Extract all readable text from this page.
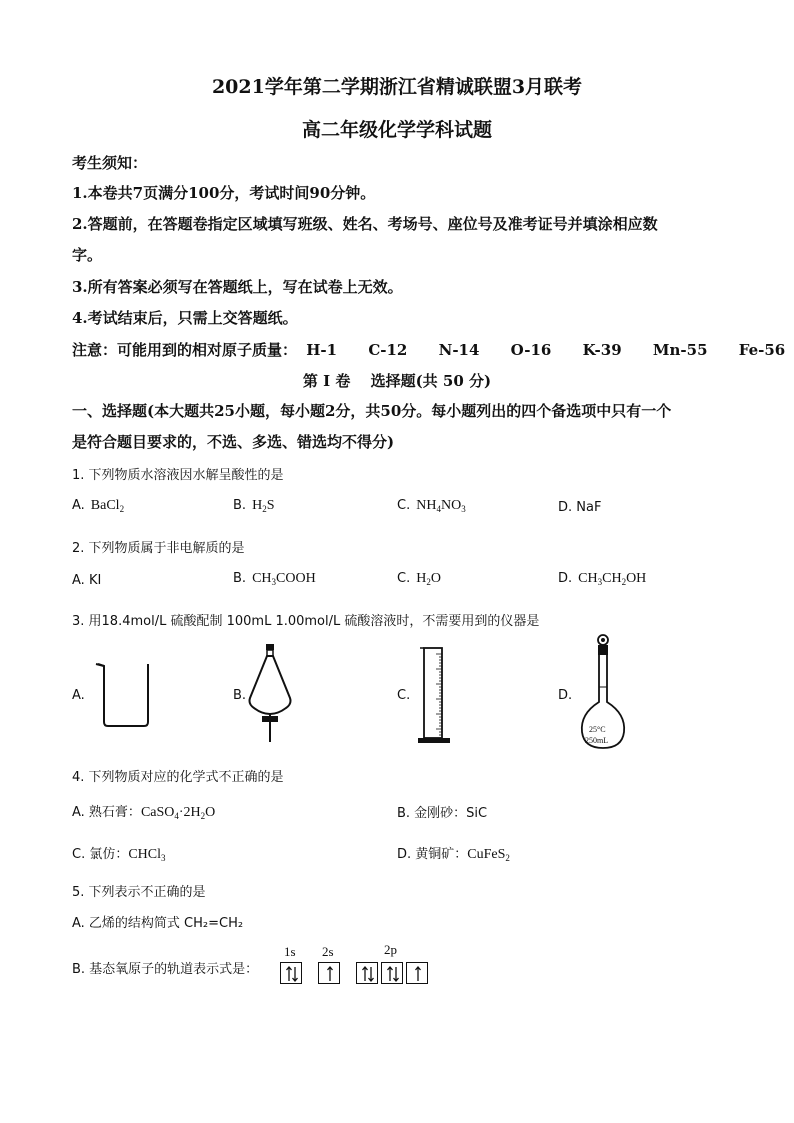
2021学年第二学期浙江省精诚联盟3月联考
高二年级化学学科试题
考生须知：
1.本卷共7页满分100分，考试时间90分钟。
2.答题前，在答题卷指定区域填写班级、姓名、考场号、座位号及准考证号并填涂相应数
字。
3.所有答案必须写在答题纸上，写在试卷上无效。
4.考试结束后，只需上交答题纸。
注意：可能用到的相对原子质量： H-1 C-12 N-14 O-16 K-39 Mn-55 Fe-56
第 I 卷　 选择题(共 50 分)
一、选择题(本大题共25小题，每小题2分，共50分。每小题列出的四个备选项中只有一个
是符合题目要求的，不选、多选、错选均不得分)
1. 下列物质水溶液因水解呈酸性的是
A. BaCl$_2$	B. $H_2S$	C. $NH_4NO_3$	D. NaF
2. 下列物质属于非电解质的是
A. KI	B. $CH_3COOH$	C. $H_2O$	D. $CH_3CH_2OH$
3. 用18.4mol/L 硫酸配制 100mL 1.00mol/L 硫酸溶液时，不需要用到的仪器是
A.	B.	C.	D.
25°C
250mL
4. 下列物质对应的化学式不正确的是
A. 熟石膏：$CaSO_4\cdot 2H_2O$	B. 金刚砂：SiC
C. 氯仿：CHCl$_3$	D. 黄铜矿：CuFeS$_2$
5. 下列表示不正确的是
A. 乙烯的结构简式 CH₂=CH₂
B. 基态氧原子的轨道表示式是：
1s 2s	2p
